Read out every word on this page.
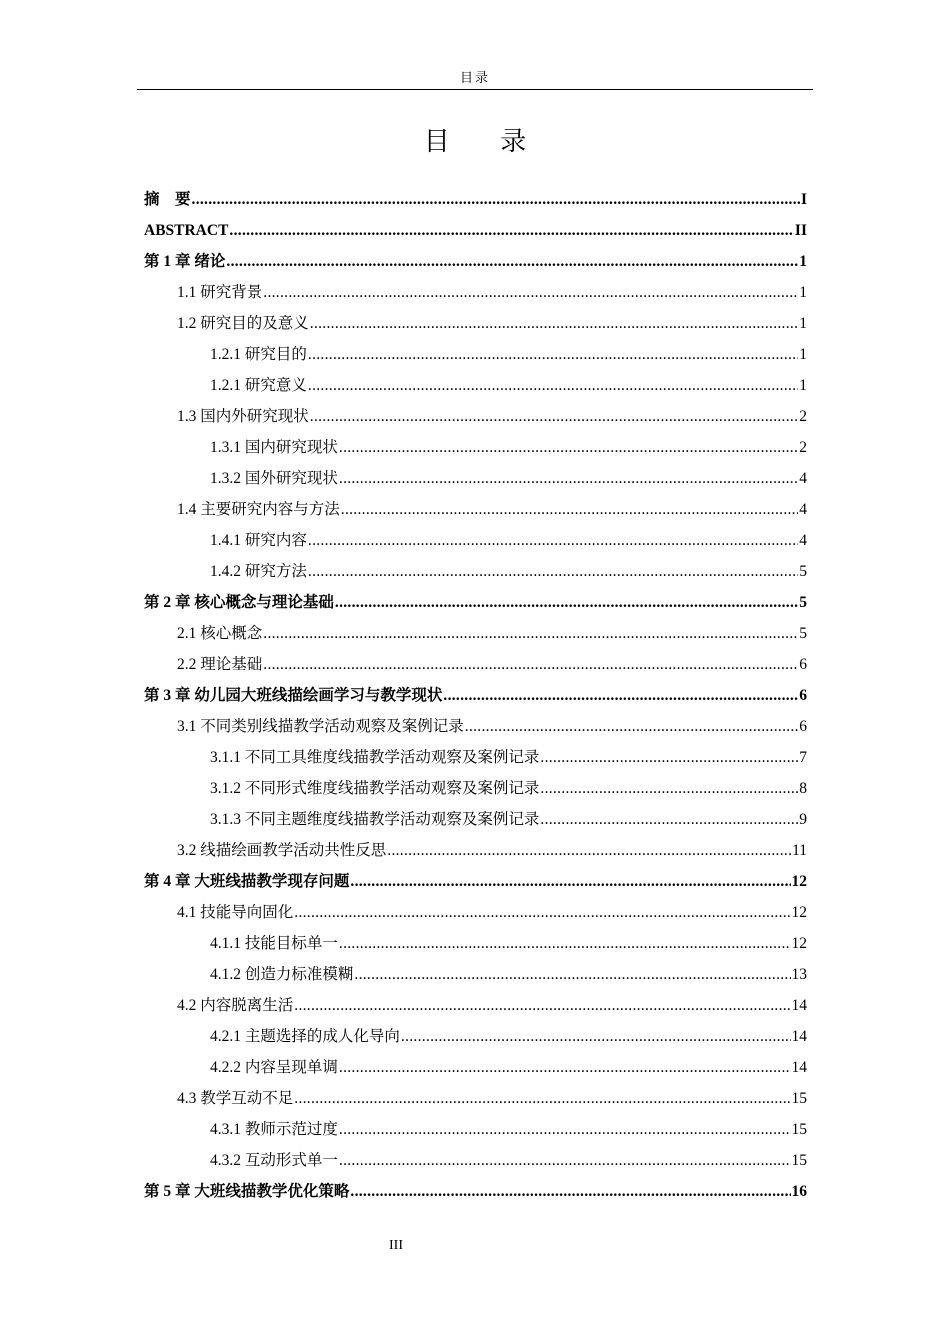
目录
目 录
摘　要 .....	I
ABSTRACT .....	II
第 1 章 绪论 .....	1
1.1 研究背景 .....	1
1.2 研究目的及意义 .....	1
1.2.1 研究目的 .....	1
1.2.1 研究意义 .....	1
1.3 国内外研究现状 .....	2
1.3.1 国内研究现状 .....	2
1.3.2 国外研究现状 .....	4
1.4 主要研究内容与方法 .....	4
1.4.1 研究内容 .....	4
1.4.2 研究方法 .....	5
第 2 章 核心概念与理论基础 .....	5
2.1 核心概念 .....	5
2.2 理论基础 .....	6
第 3 章 幼儿园大班线描绘画学习与教学现状 .....	6
3.1 不同类别线描教学活动观察及案例记录 .....	6
3.1.1 不同工具维度线描教学活动观察及案例记录 .....	7
3.1.2 不同形式维度线描教学活动观察及案例记录 .....	8
3.1.3 不同主题维度线描教学活动观察及案例记录 .....	9
3.2 线描绘画教学活动共性反思 .....	11
第 4 章 大班线描教学现存问题 .....	12
4.1 技能导向固化 .....	12
4.1.1 技能目标单一 .....	12
4.1.2 创造力标准模糊 .....	13
4.2 内容脱离生活 .....	14
4.2.1 主题选择的成人化导向 .....	14
4.2.2 内容呈现单调 .....	14
4.3 教学互动不足 .....	15
4.3.1 教师示范过度 .....	15
4.3.2 互动形式单一 .....	15
第 5 章 大班线描教学优化策略 .....	16
III
